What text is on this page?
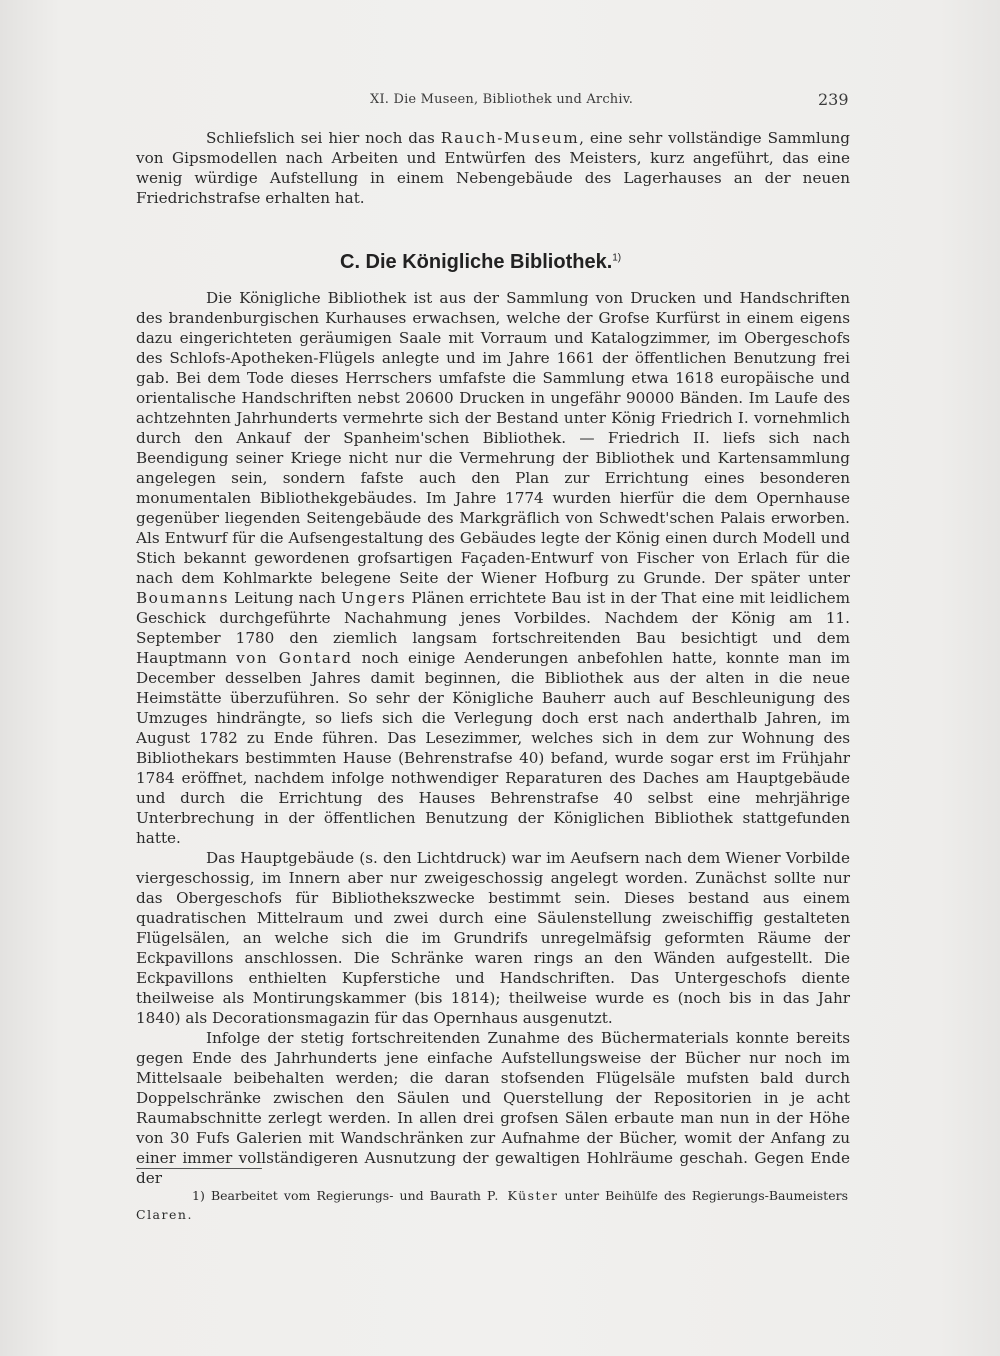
XI. Die Museen, Bibliothek und Archiv.	239

Schliefslich sei hier noch das Rauch-Museum, eine sehr vollständige Sammlung von Gipsmodellen nach Arbeiten und Entwürfen des Meisters, kurz angeführt, das eine wenig würdige Aufstellung in einem Nebengebäude des Lagerhauses an der neuen Friedrichstrafse erhalten hat.

C. Die Königliche Bibliothek.$^{1)}$

Die Königliche Bibliothek ist aus der Sammlung von Drucken und Handschriften des brandenburgischen Kurhauses erwachsen, welche der Grofse Kurfürst in einem eigens dazu eingerichteten geräumigen Saale mit Vorraum und Katalogzimmer, im Obergeschofs des Schlofs-Apotheken-Flügels anlegte und im Jahre 1661 der öffentlichen Benutzung frei gab. Bei dem Tode dieses Herrschers umfafste die Sammlung etwa 1618 europäische und orientalische Handschriften nebst 20600 Drucken in ungefähr 90000 Bänden. Im Laufe des achtzehnten Jahrhunderts vermehrte sich der Bestand unter König Friedrich I. vornehmlich durch den Ankauf der Spanheim'schen Bibliothek. — Friedrich II. liefs sich nach Beendigung seiner Kriege nicht nur die Vermehrung der Bibliothek und Kartensammlung angelegen sein, sondern fafste auch den Plan zur Errichtung eines besonderen monumentalen Bibliothekgebäudes. Im Jahre 1774 wurden hierfür die dem Opernhause gegenüber liegenden Seitengebäude des Markgräflich von Schwedt'schen Palais erworben. Als Entwurf für die Aufsengestaltung des Gebäudes legte der König einen durch Modell und Stich bekannt gewordenen grofsartigen Façaden-Entwurf von Fischer von Erlach für die nach dem Kohlmarkte belegene Seite der Wiener Hofburg zu Grunde. Der später unter Boumanns Leitung nach Ungers Plänen errichtete Bau ist in der That eine mit leidlichem Geschick durchgeführte Nachahmung jenes Vorbildes. Nachdem der König am 11. September 1780 den ziemlich langsam fortschreitenden Bau besichtigt und dem Hauptmann von Gontard noch einige Aenderungen anbefohlen hatte, konnte man im December desselben Jahres damit beginnen, die Bibliothek aus der alten in die neue Heimstätte überzuführen. So sehr der Königliche Bauherr auch auf Beschleunigung des Umzuges hindrängte, so liefs sich die Verlegung doch erst nach anderthalb Jahren, im August 1782 zu Ende führen. Das Lesezimmer, welches sich in dem zur Wohnung des Bibliothekars bestimmten Hause (Behrenstrafse 40) befand, wurde sogar erst im Frühjahr 1784 eröffnet, nachdem infolge nothwendiger Reparaturen des Daches am Hauptgebäude und durch die Errichtung des Hauses Behrenstrafse 40 selbst eine mehrjährige Unterbrechung in der öffentlichen Benutzung der Königlichen Bibliothek stattgefunden hatte.

Das Hauptgebäude (s. den Lichtdruck) war im Aeufsern nach dem Wiener Vorbilde viergeschossig, im Innern aber nur zweigeschossig angelegt worden. Zunächst sollte nur das Obergeschofs für Bibliothekszwecke bestimmt sein. Dieses bestand aus einem quadratischen Mittelraum und zwei durch eine Säulenstellung zweischiffig gestalteten Flügelsälen, an welche sich die im Grundrifs unregelmäfsig geformten Räume der Eckpavillons anschlossen. Die Schränke waren rings an den Wänden aufgestellt. Die Eckpavillons enthielten Kupferstiche und Handschriften. Das Untergeschofs diente theilweise als Montirungskammer (bis 1814); theilweise wurde es (noch bis in das Jahr 1840) als Decorationsmagazin für das Opernhaus ausgenutzt.

Infolge der stetig fortschreitenden Zunahme des Büchermaterials konnte bereits gegen Ende des Jahrhunderts jene einfache Aufstellungsweise der Bücher nur noch im Mittelsaale beibehalten werden; die daran stofsenden Flügelsäle mufsten bald durch Doppelschränke zwischen den Säulen und Querstellung der Repositorien in je acht Raumabschnitte zerlegt werden. In allen drei grofsen Sälen erbaute man nun in der Höhe von 30 Fufs Galerien mit Wandschränken zur Aufnahme der Bücher, womit der Anfang zu einer immer vollständigeren Ausnutzung der gewaltigen Hohlräume geschah. Gegen Ende der

1) Bearbeitet vom Regierungs- und Baurath P. Küster unter Beihülfe des Regierungs-Baumeisters Claren.
